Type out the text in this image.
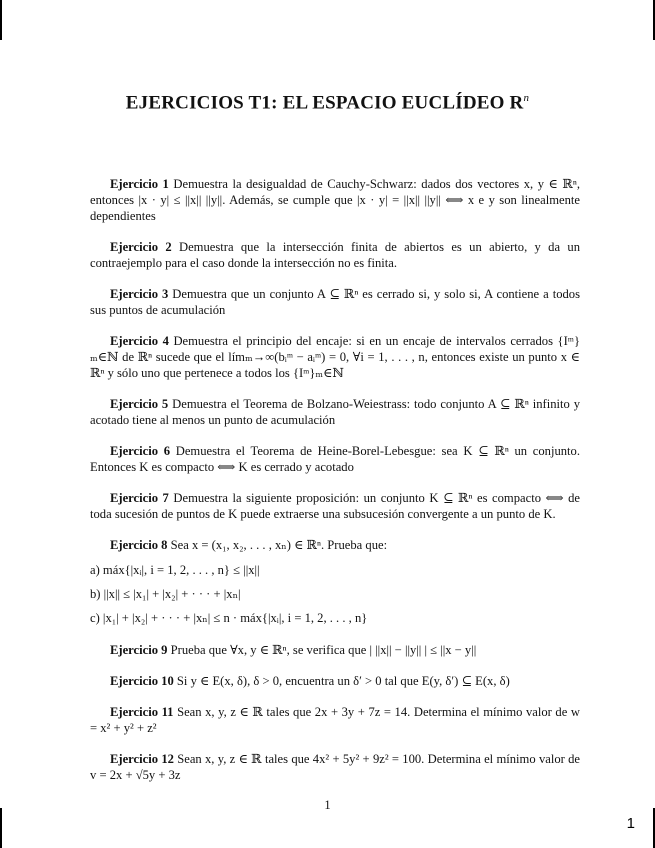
EJERCICIOS T1: EL ESPACIO EUCLÍDEO $R^n$

Ejercicio 1 Demuestra la desigualdad de Cauchy-Schwarz: dados dos vectores x, y ∈ ℝⁿ, entonces |x · y| ≤ ||x|| ||y||. Además, se cumple que |x · y| = ||x|| ||y|| ⟺ x e y son linealmente dependientes

Ejercicio 2 Demuestra que la intersección finita de abiertos es un abierto, y da un contraejemplo para el caso donde la intersección no es finita.

Ejercicio 3 Demuestra que un conjunto A ⊆ ℝⁿ es cerrado si, y solo si, A contiene a todos sus puntos de acumulación

Ejercicio 4 Demuestra el principio del encaje: si en un encaje de intervalos cerrados {Iᵐ}ₘ∈ℕ de ℝⁿ sucede que el límₘ→∞(bᵢᵐ − aᵢᵐ) = 0, ∀i = 1, . . . , n, entonces existe un punto x ∈ ℝⁿ y sólo uno que pertenece a todos los {Iᵐ}ₘ∈ℕ

Ejercicio 5 Demuestra el Teorema de Bolzano-Weiestrass: todo conjunto A ⊆ ℝⁿ infinito y acotado tiene al menos un punto de acumulación

Ejercicio 6 Demuestra el Teorema de Heine-Borel-Lebesgue: sea K ⊆ ℝⁿ un conjunto. Entonces K es compacto ⟺ K es cerrado y acotado

Ejercicio 7 Demuestra la siguiente proposición: un conjunto K ⊆ ℝⁿ es compacto ⟺ de toda sucesión de puntos de K puede extraerse una subsucesión convergente a un punto de K.

Ejercicio 8 Sea x = (x₁, x₂, . . . , xₙ) ∈ ℝⁿ. Prueba que:

a) máx{|xᵢ|, i = 1, 2, . . . , n} ≤ ||x||
b) ||x|| ≤ |x₁| + |x₂| + · · · + |xₙ|
c) |x₁| + |x₂| + · · · + |xₙ| ≤ n · máx{|xᵢ|, i = 1, 2, . . . , n}

Ejercicio 9 Prueba que ∀x, y ∈ ℝⁿ, se verifica que | ||x|| − ||y|| | ≤ ||x − y||

Ejercicio 10 Si y ∈ E(x, δ), δ > 0, encuentra un δ′ > 0 tal que E(y, δ′) ⊆ E(x, δ)

Ejercicio 11 Sean x, y, z ∈ ℝ tales que 2x + 3y + 7z = 14. Determina el mínimo valor de w = x² + y² + z²

Ejercicio 12 Sean x, y, z ∈ ℝ tales que 4x² + 5y² + 9z² = 100. Determina el mínimo valor de v = 2x + √5y + 3z

1
1
